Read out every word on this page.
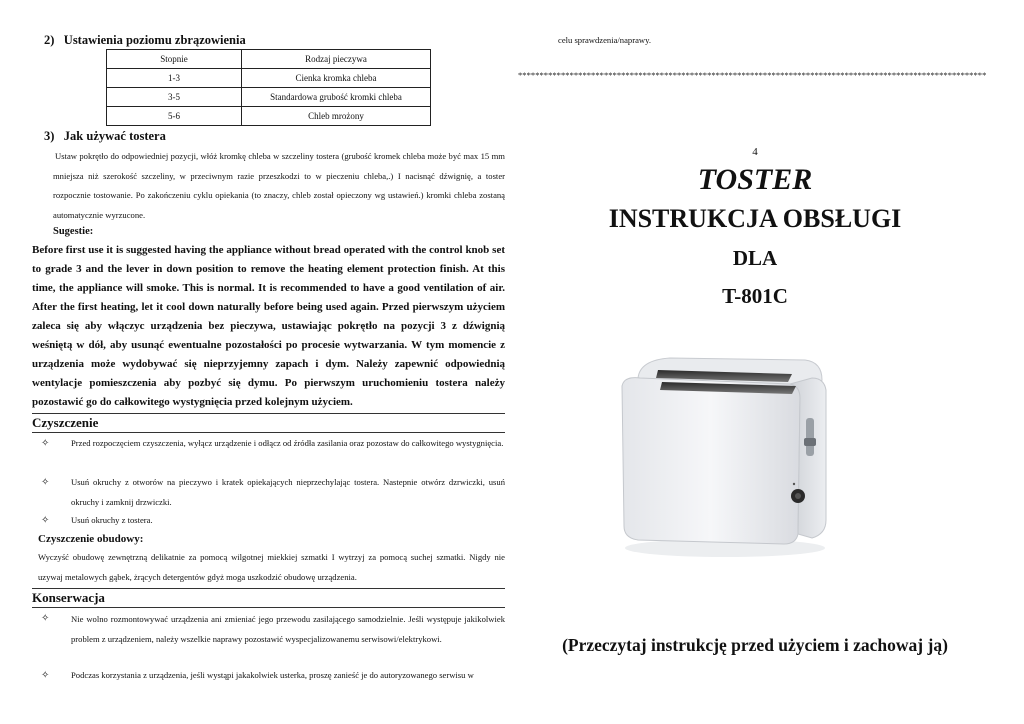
2)   Ustawienia poziomu zbrązowienia
Stopnie	Rodzaj pieczywa
1-3	Cienka kromka chleba
3-5	Standardowa grubość kromki chleba
5-6	Chleb mrożony
3)   Jak używać tostera
Ustaw pokrętło do odpowiedniej pozycji, włóż kromkę chleba w szczeliny tostera (grubość kromek chleba może być max 15 mm mniejsza niż szerokość szczeliny, w przeciwnym razie przeszkodzi to w pieczeniu chleba,.) I nacisnąć dźwignię, a toster rozpocznie tostowanie. Po zakończeniu cyklu opiekania (to znaczy, chleb został opieczony wg ustawień.) kromki chleba zostaną automatycznie wyrzucone.
Sugestie:
Before first use it is suggested having the appliance without bread operated with the control knob set to grade 3 and the lever in down position to remove the heating element protection finish. At this time, the appliance will smoke. This is normal. It is recommended to have a good ventilation of air. After the first heating, let it cool down naturally before being used again. Przed pierwszym użyciem zaleca się aby włączyc urządzenia bez pieczywa, ustawiając pokrętło na pozycji 3 z dźwignią weśniętą w dół, aby usunąć ewentualne pozostałości po procesie wytwarzania. W tym momencie z urządzenia może wydobywać się nieprzyjemny zapach i dym. Należy zapewnić odpowiednią wentylacje pomieszczenia aby pozbyć się dymu. Po pierwszym uruchomieniu tostera należy pozostawić go do całkowitego wystygnięcia przed kolejnym użyciem.
Czyszczenie
✧	Przed rozpoczęciem czyszczenia, wyłącz urządzenie i odłącz od źródła zasilania oraz pozostaw do całkowitego wystygnięcia.
✧	Usuń okruchy z otworów na pieczywo i kratek opiekających nieprzechylając tostera. Nastepnie otwórz dzrwiczki, usuń okruchy i zamknij drzwiczki.
✧	Usuń okruchy z tostera.
Czyszczenie obudowy:
Wyczyść obudowę zewnętrzną delikatnie za pomocą wilgotnej miekkiej szmatki I wytrzyj za pomocą suchej szmatki. Nigdy nie uzywaj metalowych gąbek, żrących detergentów gdyż moga uszkodzić obudowę urządzenia.
Konserwacja
✧	Nie wolno rozmontowywać urządzenia ani zmieniać jego przewodu zasilającego samodzielnie. Jeśli występuje jakikolwiek problem z urządzeniem, należy wszelkie naprawy pozostawić wyspecjalizowanemu serwisowi/elektrykowi.
✧	Podczas korzystania z urządzenia, jeśli wystąpi jakakolwiek usterka, proszę zanieść je do autoryzowanego serwisu w
celu sprawdzenia/naprawy.
*************************************************************************************************************
4
TOSTER
INSTRUKCJA OBSŁUGI
DLA
T-801C
(Przeczytaj instrukcję przed użyciem i zachowaj ją)
